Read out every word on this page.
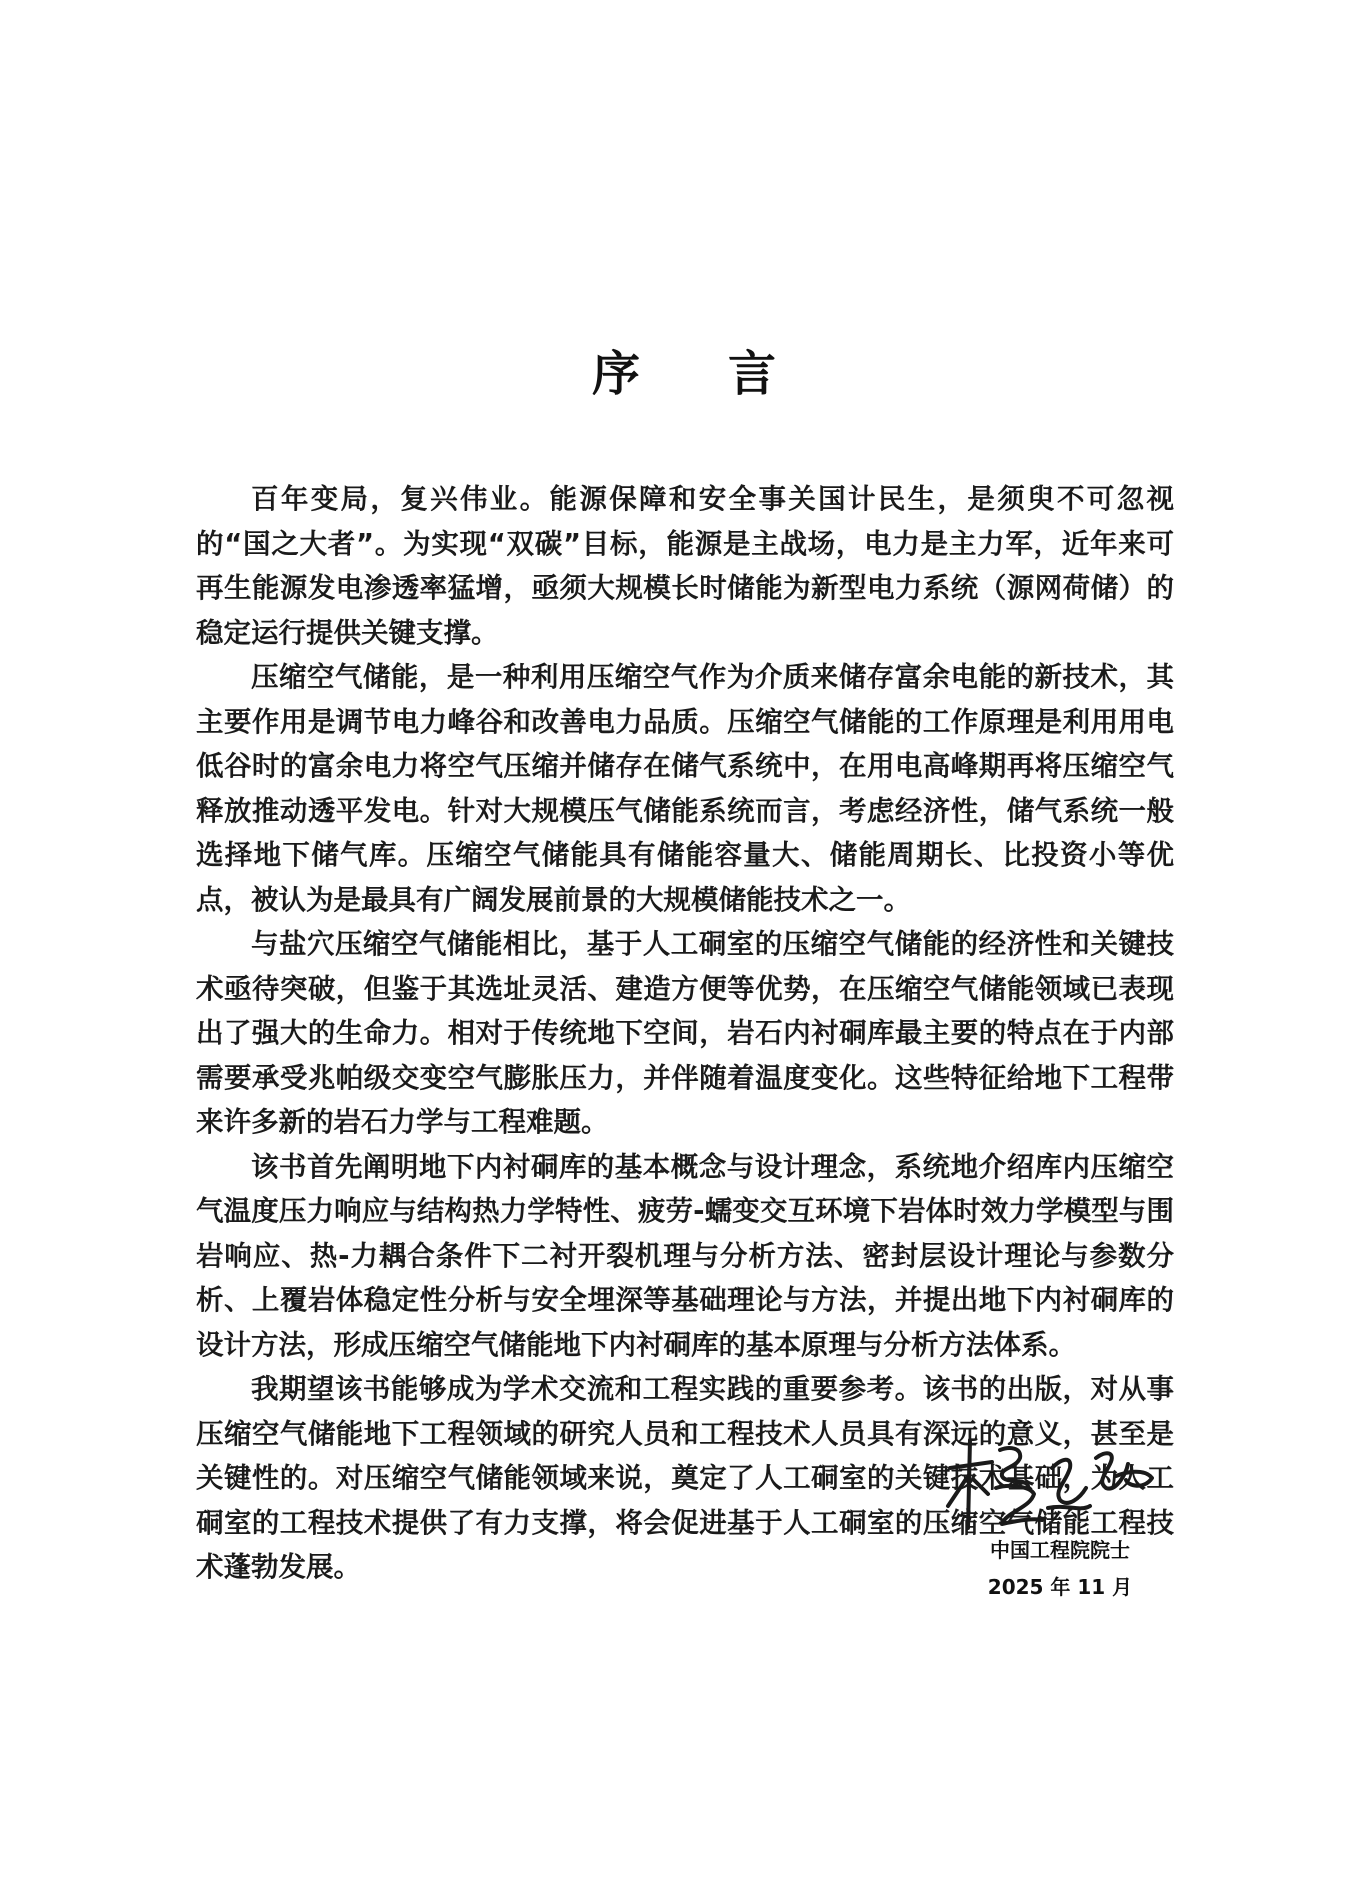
序言

百年变局，复兴伟业。能源保障和安全事关国计民生，是须臾不可忽视的“国之大者”。为实现“双碳”目标，能源是主战场，电力是主力军，近年来可再生能源发电渗透率猛增，亟须大规模长时储能为新型电力系统（源网荷储）的稳定运行提供关键支撑。

压缩空气储能，是一种利用压缩空气作为介质来储存富余电能的新技术，其主要作用是调节电力峰谷和改善电力品质。压缩空气储能的工作原理是利用用电低谷时的富余电力将空气压缩并储存在储气系统中，在用电高峰期再将压缩空气释放推动透平发电。针对大规模压气储能系统而言，考虑经济性，储气系统一般选择地下储气库。压缩空气储能具有储能容量大、储能周期长、比投资小等优点，被认为是最具有广阔发展前景的大规模储能技术之一。

与盐穴压缩空气储能相比，基于人工硐室的压缩空气储能的经济性和关键技术亟待突破，但鉴于其选址灵活、建造方便等优势，在压缩空气储能领域已表现出了强大的生命力。相对于传统地下空间，岩石内衬硐库最主要的特点在于内部需要承受兆帕级交变空气膨胀压力，并伴随着温度变化。这些特征给地下工程带来许多新的岩石力学与工程难题。

该书首先阐明地下内衬硐库的基本概念与设计理念，系统地介绍库内压缩空气温度压力响应与结构热力学特性、疲劳-蠕变交互环境下岩体时效力学模型与围岩响应、热-力耦合条件下二衬开裂机理与分析方法、密封层设计理论与参数分析、上覆岩体稳定性分析与安全埋深等基础理论与方法，并提出地下内衬硐库的设计方法，形成压缩空气储能地下内衬硐库的基本原理与分析方法体系。

我期望该书能够成为学术交流和工程实践的重要参考。该书的出版，对从事压缩空气储能地下工程领域的研究人员和工程技术人员具有深远的意义，甚至是关键性的。对压缩空气储能领域来说，奠定了人工硐室的关键技术基础，为人工硐室的工程技术提供了有力支撑，将会促进基于人工硐室的压缩空气储能工程技术蓬勃发展。

中国工程院院士
2025 年 11 月
